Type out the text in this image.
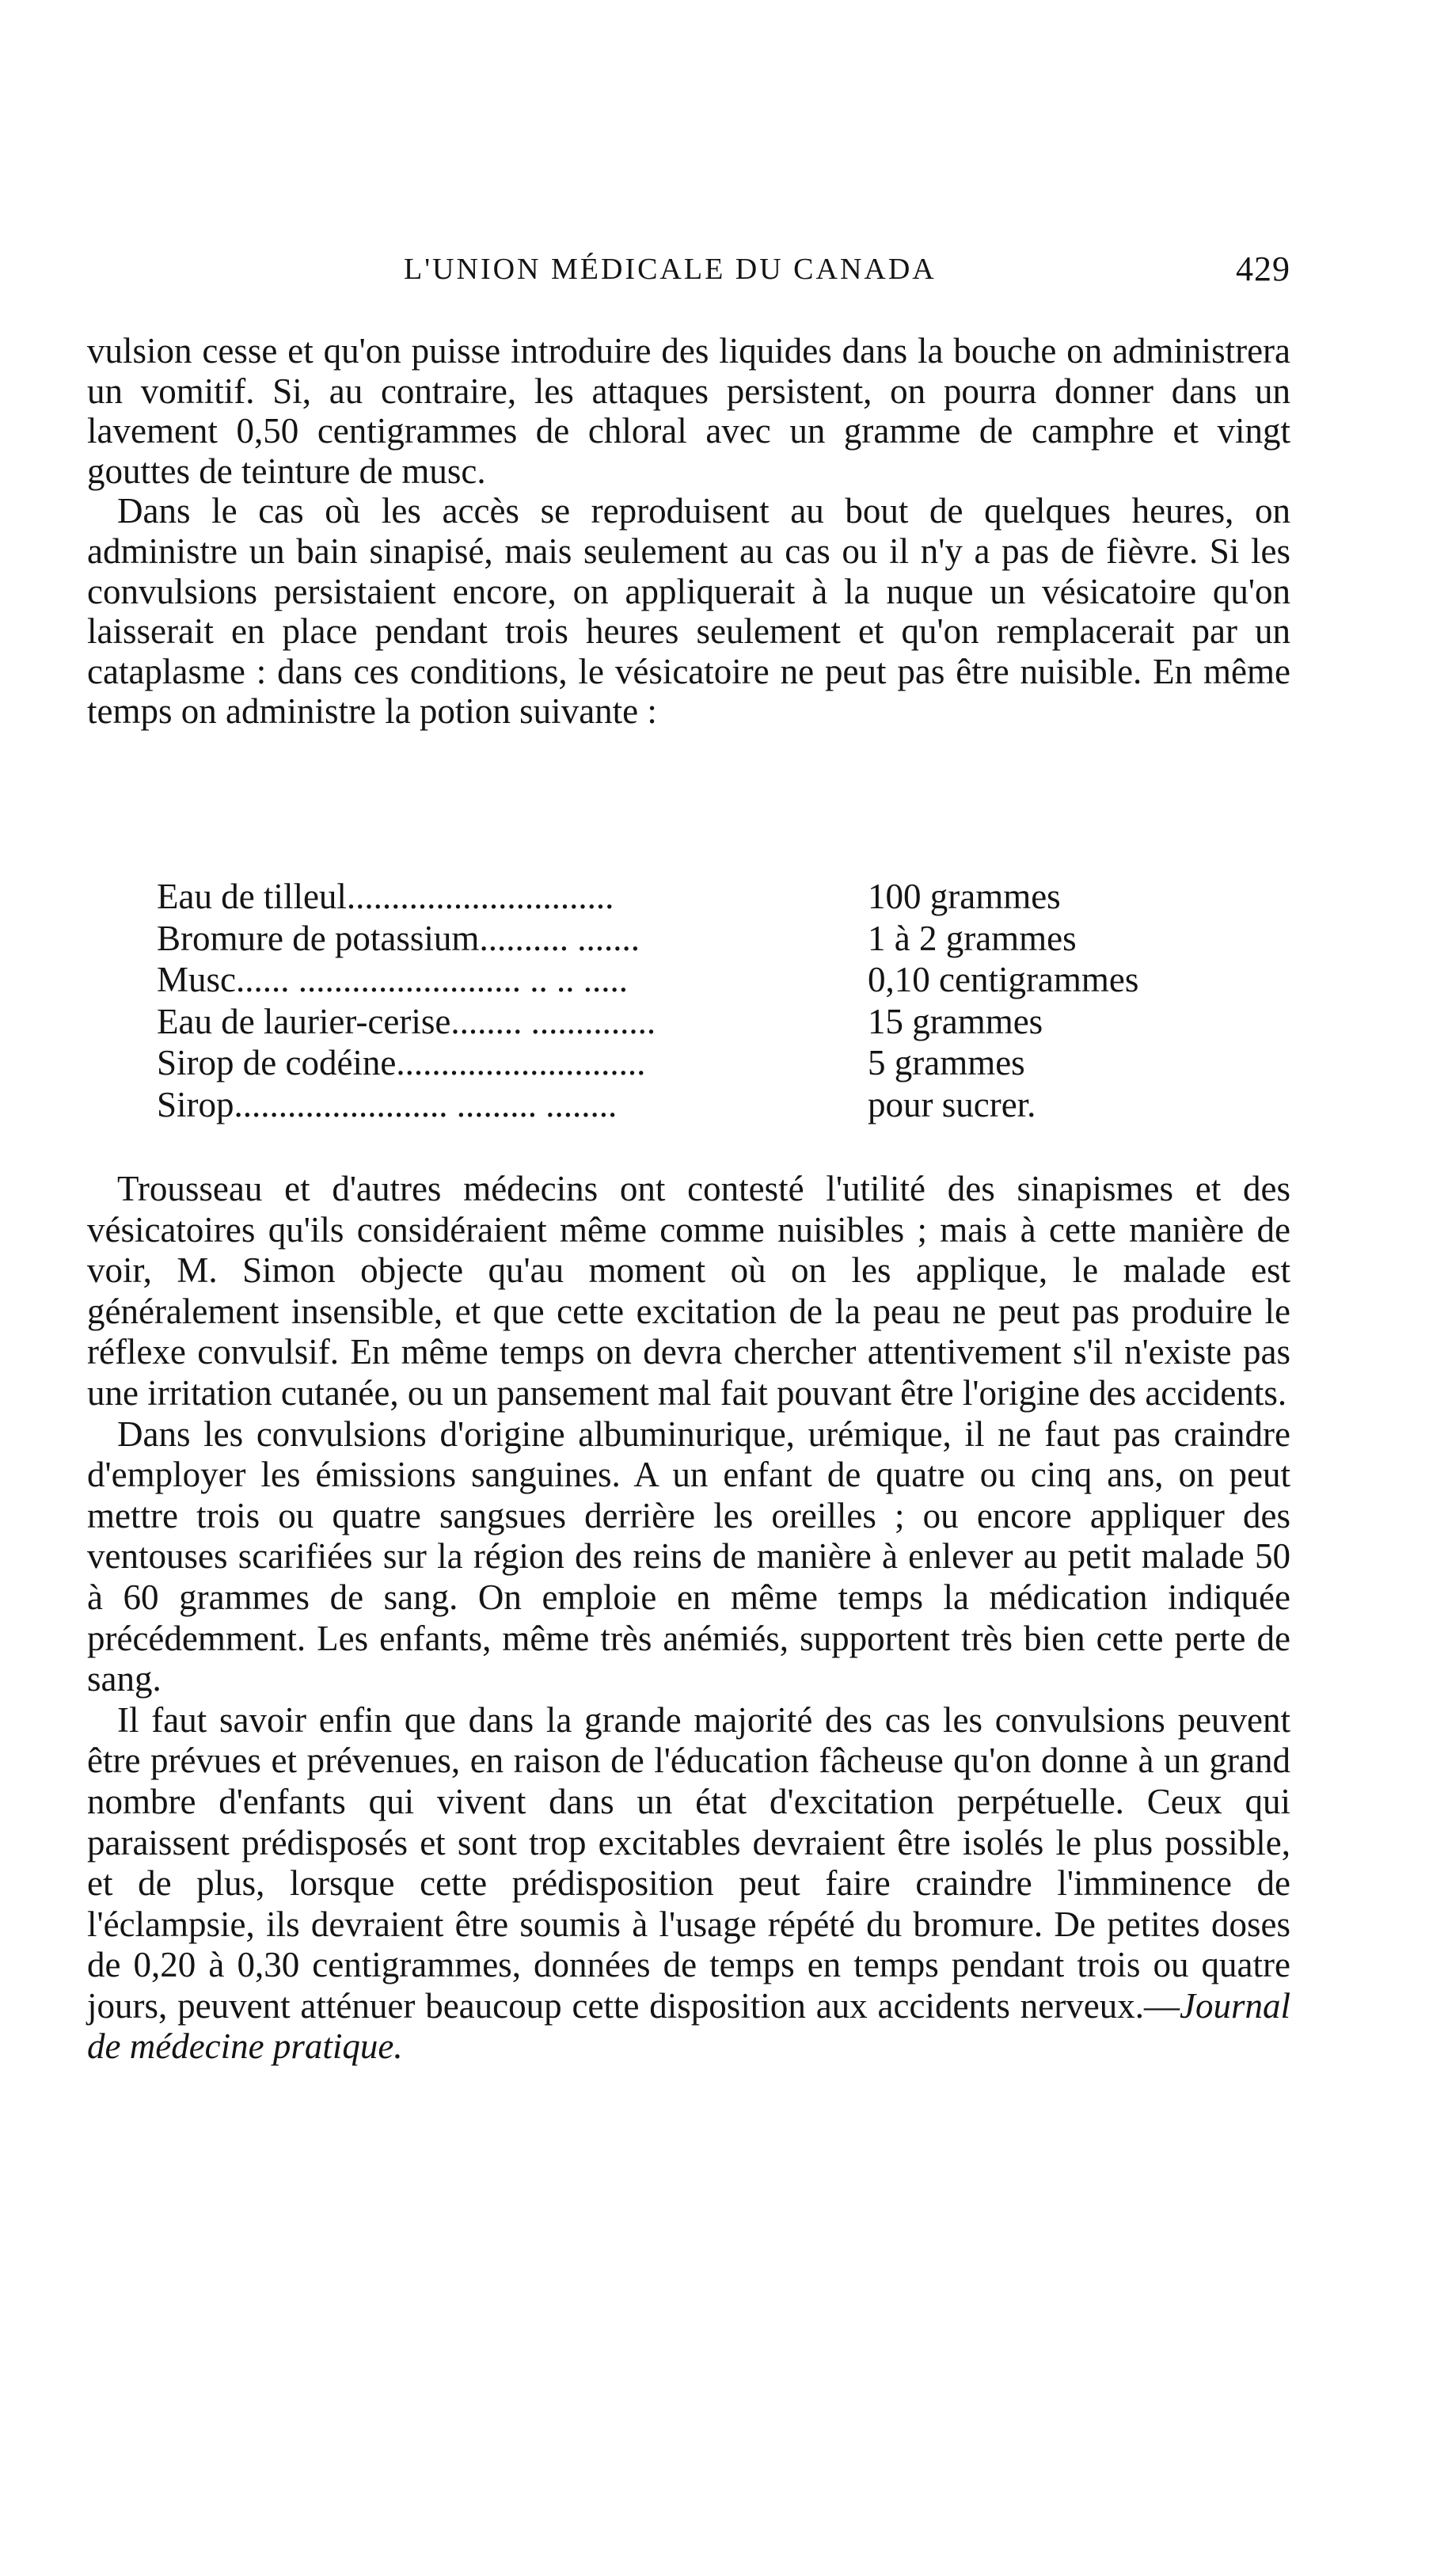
L'UNION MÉDICALE DU CANADA	429

vulsion cesse et qu'on puisse introduire des liquides dans la bouche on administrera un vomitif. Si, au contraire, les attaques persistent, on pourra donner dans un lavement 0,50 centigrammes de chloral avec un gramme de camphre et vingt gouttes de teinture de musc.

Dans le cas où les accès se reproduisent au bout de quelques heures, on administre un bain sinapisé, mais seulement au cas ou il n'y a pas de fièvre. Si les convulsions persistaient encore, on appliquerait à la nuque un vésicatoire qu'on laisserait en place pendant trois heures seulement et qu'on remplacerait par un cataplasme : dans ces conditions, le vésicatoire ne peut pas être nuisible. En même temps on administre la potion suivante :

Eau de tilleul..............................	100 grammes
Bromure de potassium.......... .......	1 à 2 grammes
Musc...... ......................... .. .. .....	0,10 centigrammes
Eau de laurier-cerise........ ..............	15 grammes
Sirop de codéine............................	5 grammes
Sirop........................ ......... ........	pour sucrer.

Trousseau et d'autres médecins ont contesté l'utilité des sinapismes et des vésicatoires qu'ils considéraient même comme nuisibles ; mais à cette manière de voir, M. Simon objecte qu'au moment où on les applique, le malade est généralement insensible, et que cette excitation de la peau ne peut pas produire le réflexe convulsif. En même temps on devra chercher attentivement s'il n'existe pas une irritation cutanée, ou un pansement mal fait pouvant être l'origine des accidents.

Dans les convulsions d'origine albuminurique, urémique, il ne faut pas craindre d'employer les émissions sanguines. A un enfant de quatre ou cinq ans, on peut mettre trois ou quatre sangsues derrière les oreilles ; ou encore appliquer des ventouses scarifiées sur la région des reins de manière à enlever au petit malade 50 à 60 grammes de sang. On emploie en même temps la médication indiquée précédemment. Les enfants, même très anémiés, supportent très bien cette perte de sang.

Il faut savoir enfin que dans la grande majorité des cas les convulsions peuvent être prévues et prévenues, en raison de l'éducation fâcheuse qu'on donne à un grand nombre d'enfants qui vivent dans un état d'excitation perpétuelle. Ceux qui paraissent prédisposés et sont trop excitables devraient être isolés le plus possible, et de plus, lorsque cette prédisposition peut faire craindre l'imminence de l'éclampsie, ils devraient être soumis à l'usage répété du bromure. De petites doses de 0,20 à 0,30 centigrammes, données de temps en temps pendant trois ou quatre jours, peuvent atténuer beaucoup cette disposition aux accidents nerveux.—Journal de médecine pratique.
